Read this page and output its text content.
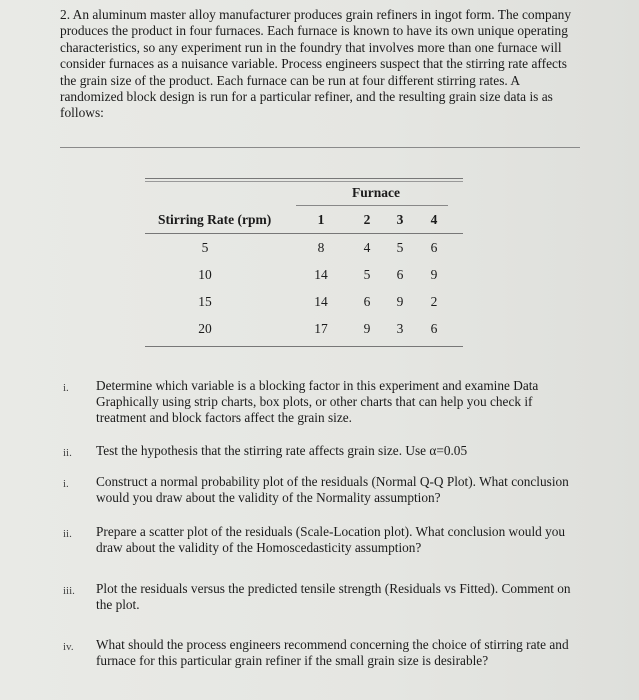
2. An aluminum master alloy manufacturer produces grain refiners in ingot form. The company produces the product in four furnaces. Each furnace is known to have its own unique operating characteristics, so any experiment run in the foundry that involves more than one furnace will consider furnaces as a nuisance variable. Process engineers suspect that the stirring rate affects the grain size of the product. Each furnace can be run at four different stirring rates. A randomized block design is run for a particular refiner, and the resulting grain size data is as follows:
Furnace
Stirring Rate (rpm)	1	2	3	4
5	8	4	5	6
10	14	5	6	9
15	14	6	9	2
20	17	9	3	6
i.	Determine which variable is a blocking factor in this experiment and examine Data Graphically using strip charts, box plots, or other charts that can help you check if treatment and block factors affect the grain size.
ii.	Test the hypothesis that the stirring rate affects grain size. Use α=0.05
i.	Construct a normal probability plot of the residuals (Normal Q-Q Plot). What conclusion would you draw about the validity of the Normality assumption?
ii.	Prepare a scatter plot of the residuals (Scale-Location plot). What conclusion would you draw about the validity of the Homoscedasticity assumption?
iii.	Plot the residuals versus the predicted tensile strength (Residuals vs Fitted). Comment on the plot.
iv.	What should the process engineers recommend concerning the choice of stirring rate and furnace for this particular grain refiner if the small grain size is desirable?
